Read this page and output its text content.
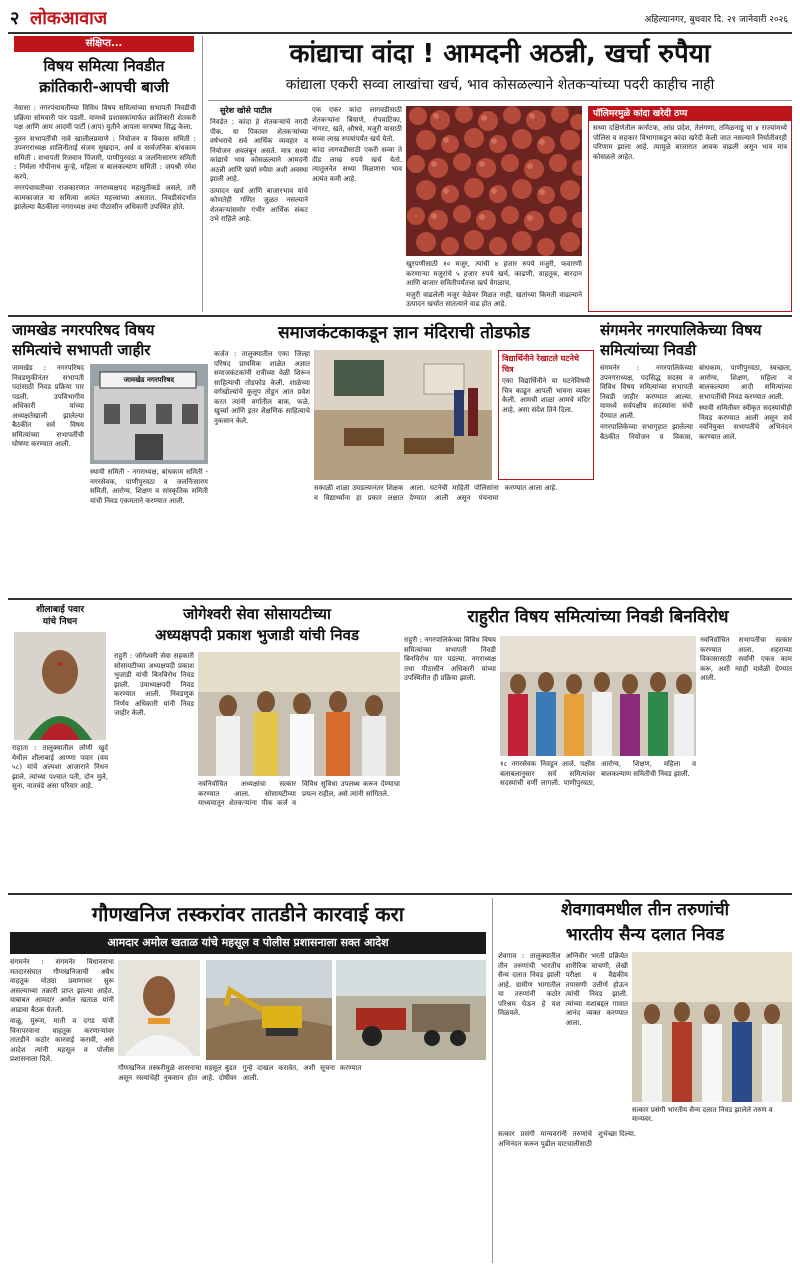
२ लोकआवाज	अहिल्यानगर, बुधवार दि. २१ जानेवारी २०२६
संक्षिप्त...
विषय समित्या निवडीत
क्रांतिकारी-आपची बाजी

नेवासा : नगरपंचायतीच्या विविध विषय समित्यांच्या सभापती निवडीची प्रक्रिया सोमवारी पार पडली. यामध्ये प्रशासकांमार्फत क्रांतिकारी शेतकरी पक्ष आणि आम आदमी पार्टी (आप) युतीने आपला वरचष्मा सिद्ध केला.

नूतन सभापतींची नावे खालीलप्रमाणे : नियोजन व विकास समिती : उपनगराध्यक्ष शालिनीताई संजय सुखदान, अर्थ व सार्वजनिक बांधकाम समिती : सभापती रिजवान पिंजारी, पाणीपुरवठा व जलनिःसारण समिती : निर्मला गोपीनाथ कुऱ्हे, महिला व बालकल्याण समिती : जयश्री रमेश करपे.

नगरपंचायतीच्या राजकारणात नगराध्यक्षपद महायुतीकडे असले, तरी कामकाजात या समित्या अत्यंत महत्त्वाच्या असतात. निवडीसंदर्भात झालेल्या बैठकीला नगराध्यक्ष तथा पीठासीन अधिकारी उपस्थित होते.

कांद्याचा वांदा ! आमदनी अठन्नी, खर्चा रुपैया
कांद्याला एकरी सव्वा लाखांचा खर्च, भाव कोसळल्याने शेतकऱ्यांच्या पदरी काहीच नाही
सुरेश खोसे पाटील

निवडेत : कांदा हे शेतकऱ्यांचे नगदी पीक. या पिकावर शेतकऱ्यांच्या वर्षभराचे सर्व आर्थिक व्यवहार व नियोजन अवलंबून असते. मात्र सध्या कांद्याचे भाव कोसळल्याने आमदनी अठन्नी आणि खर्चा रुपैया अशी अवस्था झाली आहे.

उत्पादन खर्च आणि बाजारभाव यांचे कोणतेही गणित जुळत नसल्याने शेतकऱ्यांसमोर गंभीर आर्थिक संकट उभे राहिले आहे.

एक एकर कांदा लागवडीसाठी शेतकऱ्यांना बियाणे, रोपवाटिका, नांगरट, खते, औषधे, मजुरी यासाठी सव्वा लाख रुपयांपर्यंत खर्च येतो.

कांदा लागवडीसाठी एकरी सव्वा ते दीड लाख रुपये खर्च येतो. त्यातुलनेत सध्या मिळणारा भाव अत्यंत कमी आहे.

खुरपणीसाठी १० मजूर, त्यांची ४ हजार रुपये मजुरी, फवारणी करणाऱ्या मजुरांचे ५ हजार रुपये खर्च, काढणी, वाहतूक, बारदान आणि बाजार समितीपर्यंतचा खर्च वेगळाच.

मजुरी वाढलेली मजूर वेळेवर मिळत नाही. खतांच्या किमती वाढल्याने उत्पादन खर्चात सातत्याने वाढ होत आहे.

पॉलिमरमुळे कांदा खरेदी ठप्प
सध्या दक्षिणेतील कर्नाटक, आंध्र प्रदेश, तेलंगणा, तमिळनाडू या ४ राज्यांमध्ये पोलिस व सहकार विभागाकडून कांदा खरेदी केली जात नसल्याने निर्यातीवरही परिणाम झाला आहे. त्यामुळे बाजारात आवक वाढली असून भाव मात्र कोसळले आहेत.
जामखेड नगरपरिषद विषय समित्यांचे सभापती जाहीर

जामखेड : नगरपरिषद निवडणुकीनंतर सभापती पदांसाठी निवड प्रक्रिया पार पडली. उपविभागीय अधिकारी यांच्या अध्यक्षतेखाली झालेल्या बैठकीत सर्व विषय समित्यांच्या सभापतींची घोषणा करण्यात आली.

जामखेड नगरपरिषद

स्थायी समिती - नगराध्यक्ष, बांधकाम समिती - नगरसेवक, पाणीपुरवठा व जलनिःसारण समिती, आरोग्य, शिक्षण व सांस्कृतिक समिती यांची निवड एकमताने करण्यात आली.

समाजकंटकाकडून ज्ञान मंदिराची तोडफोड

कर्जत : तालुक्यातील एका जिल्हा परिषद प्राथमिक शाळेत अज्ञात समाजकंटकांनी रात्रीच्या वेळी शिरून साहित्याची तोडफोड केली. शाळेच्या वर्गखोल्यांचे कुलूप तोडून आत प्रवेश करत त्यांनी वर्गातील बाक, फळे, खुर्च्या आणि इतर शैक्षणिक साहित्याचे नुकसान केले.

विद्यार्थिनीने रेखाटले घटनेचे चित्र
एका विद्यार्थिनीने या घटनेविषयी चित्र काढून आपली भावना व्यक्त केली. आमची शाळा आमचे मंदिर आहे, असा संदेश तिने दिला.

सकाळी शाळा उघडल्यानंतर शिक्षक व विद्यार्थ्यांना हा प्रकार लक्षात आला. घटनेची माहिती पोलिसांना देण्यात आली असून पंचनामा करण्यात आला आहे.

संगमनेर नगरपालिकेच्या विषय समित्यांच्या निवडी

संगमनेर : नगरपालिकेच्या उपनगराध्यक्ष, पदसिद्ध सदस्य व विविध विषय समित्यांच्या सभापती निवडी जाहीर करण्यात आल्या. यामध्ये सर्वपक्षीय सदस्यांना संधी देण्यात आली.

नगरपालिकेच्या सभागृहात झालेल्या बैठकीत नियोजन व विकास, बांधकाम, पाणीपुरवठा, स्वच्छता, आरोग्य, शिक्षण, महिला व बालकल्याण आदी समित्यांच्या सभापतींची निवड करण्यात आली.

स्थायी समितीवर स्वीकृत सदस्यांचीही निवड करण्यात आली असून सर्व नवनियुक्त सभापतींचे अभिनंदन करण्यात आले.

शीलाबाई पवार
यांचे निधन
राहाता : तालुक्यातील लोणी खुर्द येथील शीलाबाई आण्णा पवार (वय ५८) यांचे अल्पशा आजाराने निधन झाले. त्यांच्या पश्चात पती, दोन मुले, सुना, नातवंडे असा परिवार आहे.
जोगेश्वरी सेवा सोसायटीच्या
अध्यक्षपदी प्रकाश भुजाडी यांची निवड

राहुरी : जोगेश्वरी सेवा सहकारी सोसायटीच्या अध्यक्षपदी प्रकाश भुजाडी यांची बिनविरोध निवड झाली. उपाध्यक्षपदी निवड करण्यात आली. निवडणूक निर्णय अधिकारी यांनी निवड जाहीर केली.

नवनिर्वाचित अध्यक्षांचा सत्कार करण्यात आला. सोसायटीच्या माध्यमातून शेतकऱ्यांना पीक कर्ज व विविध सुविधा उपलब्ध करून देण्याचा प्रयत्न राहील, असे त्यांनी सांगितले.

राहुरीत विषय समित्यांच्या निवडी बिनविरोध

राहुरी : नगरपालिकेच्या विविध विषय समित्यांच्या सभापती निवडी बिनविरोध पार पडल्या. नगराध्यक्ष तथा पीठासीन अधिकारी यांच्या उपस्थितीत ही प्रक्रिया झाली.

१८ नगरसेवक निवडून आले. पक्षीय बलाबलानुसार सर्व समित्यांवर सदस्यांची वर्णी लागली. पाणीपुरवठा, आरोग्य, शिक्षण, महिला व बालकल्याण समितीची निवड झाली.

नवनिर्वाचित सभापतींचा सत्कार करण्यात आला. शहराच्या विकासासाठी सर्वांनी एकत्र काम करू, अशी ग्वाही यावेळी देण्यात आली.

गौणखनिज तस्करांवर तातडीने कारवाई करा
आमदार अमोल खताळ यांचे महसूल व पोलीस प्रशासनाला सक्त आदेश

संगमनेर : संगमनेर विधानसभा मतदारसंघात गौणखनिजाची अवैध वाहतूक मोठ्या प्रमाणावर सुरू असल्याच्या तक्रारी प्राप्त झाल्या आहेत. याबाबत आमदार अमोल खताळ यांनी आढावा बैठक घेतली.

वाळू, मुरूम, माती व दगड यांची विनापरवाना वाहतूक करणाऱ्यांवर तातडीने कठोर कारवाई करावी, असे आदेश त्यांनी महसूल व पोलीस प्रशासनाला दिले.

गौणखनिज तस्करीमुळे शासनाचा महसूल बुडत असून रस्त्यांचेही नुकसान होत आहे. दोषींवर गुन्हे दाखल करावेत, अशी सूचना करण्यात आली.

शेवगावमधील तीन तरुणांची
भारतीय सैन्य दलात निवड

शेवगाव : तालुक्यातील तीन तरुणांची भारतीय सैन्य दलात निवड झाली आहे. ग्रामीण भागातील या तरुणांनी कठोर परिश्रम घेऊन हे यश मिळवले.

अग्निवीर भरती प्रक्रियेत शारीरिक चाचणी, लेखी परीक्षा व वैद्यकीय तपासणी उत्तीर्ण होऊन त्यांची निवड झाली. त्यांच्या यशाबद्दल गावात आनंद व्यक्त करण्यात आला.

सत्कार प्रसंगी भारतीय सैन्य दलात निवड झालेले तरुण व मान्यवर.

सत्कार प्रसंगी मान्यवरांनी तरुणांचे अभिनंदन करून पुढील वाटचालीसाठी शुभेच्छा दिल्या.
